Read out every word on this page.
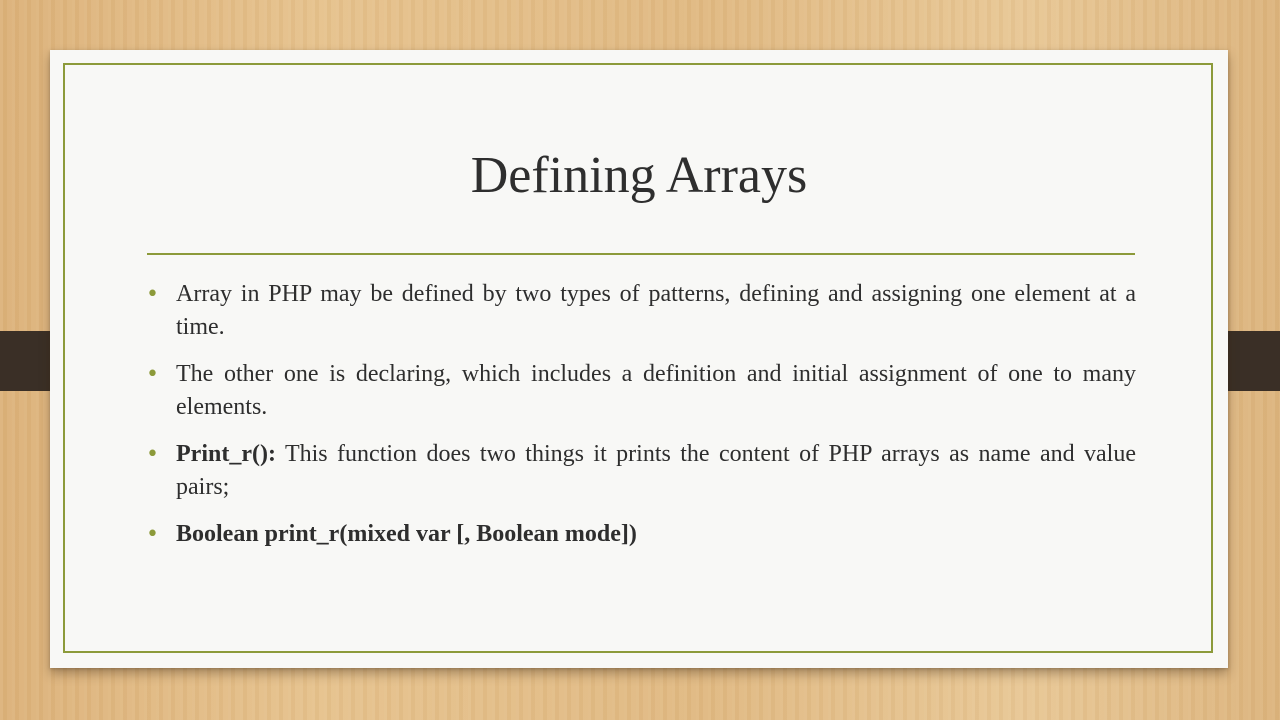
Defining Arrays
• Array in PHP may be defined by two types of patterns, defining and assigning one element at a time.
• The other one is declaring, which includes a definition and initial assignment of one to many elements.
• Print_r(): This function does two things it prints the content of PHP arrays as name and value pairs;
• Boolean print_r(mixed var [, Boolean mode])
